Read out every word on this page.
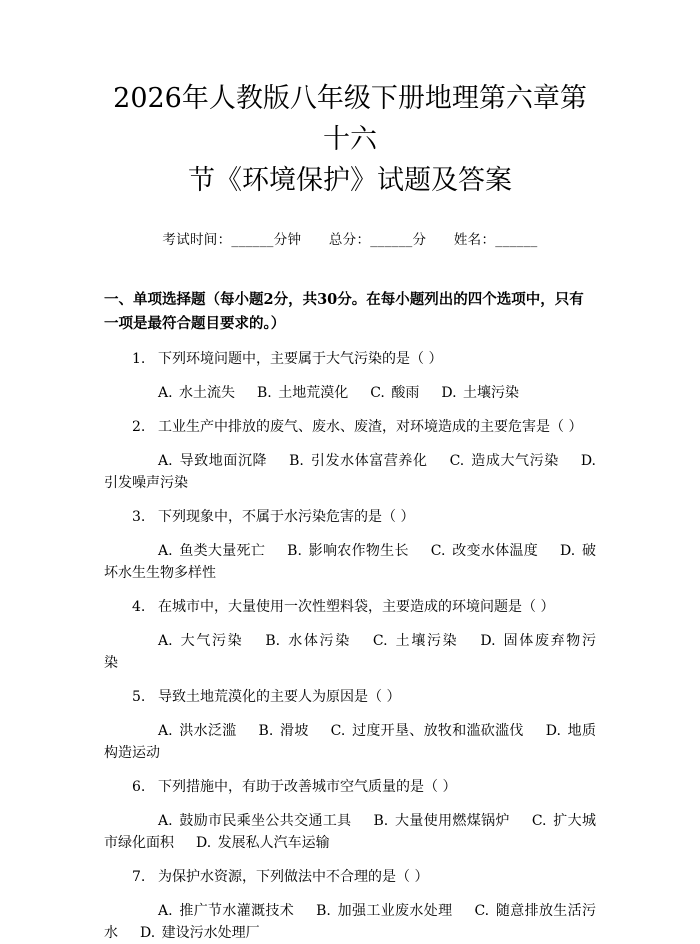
2026年人教版八年级下册地理第六章第十六
节《环境保护》试题及答案
考试时间：______分钟      总分：______分      姓名：______
一、单项选择题（每小题2分，共30分。在每小题列出的四个选项中，只有一项是最符合题目要求的。）
1. 下列环境问题中，主要属于大气污染的是（ ）
A. 水土流失 B. 土地荒漠化 C. 酸雨 D. 土壤污染
2. 工业生产中排放的废气、废水、废渣，对环境造成的主要危害是（ ）
A. 导致地面沉降 B. 引发水体富营养化 C. 造成大气污染 D. 引发噪声污染
3. 下列现象中，不属于水污染危害的是（ ）
A. 鱼类大量死亡 B. 影响农作物生长 C. 改变水体温度 D. 破坏水生生物多样性
4. 在城市中，大量使用一次性塑料袋，主要造成的环境问题是（ ）
A. 大气污染 B. 水体污染 C. 土壤污染 D. 固体废弃物污染
5. 导致土地荒漠化的主要人为原因是（ ）
A. 洪水泛滥 B. 滑坡 C. 过度开垦、放牧和滥砍滥伐 D. 地质构造运动
6. 下列措施中，有助于改善城市空气质量的是（ ）
A. 鼓励市民乘坐公共交通工具 B. 大量使用燃煤锅炉 C. 扩大城市绿化面积 D. 发展私人汽车运输
7. 为保护水资源，下列做法中不合理的是（ ）
A. 推广节水灌溉技术 B. 加强工业废水处理 C. 随意排放生活污水 D. 建设污水处理厂
